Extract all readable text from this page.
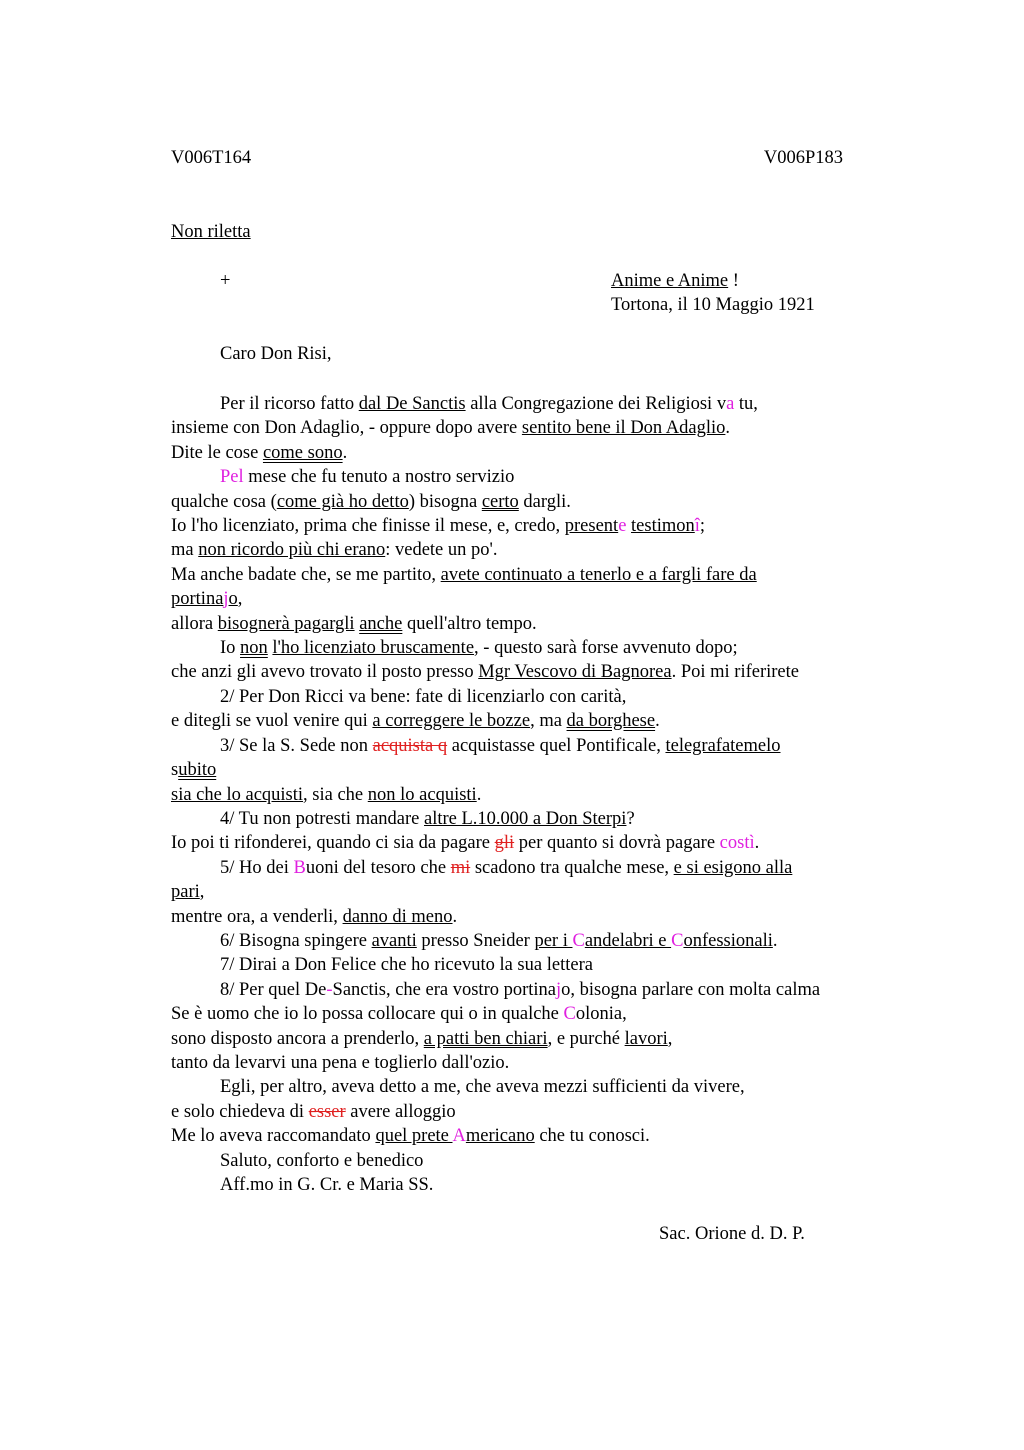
V006T164	V006P183
Non riletta
+	Anime e Anime !
Tortona, il 10 Maggio 1921
Caro Don Risi,
Per il ricorso fatto dal De Sanctis alla Congregazione dei Religiosi va tu,
insieme con Don Adaglio, - oppure dopo avere sentito bene il Don Adaglio.
Dite le cose come sono.
Pel mese che fu tenuto a nostro servizio
qualche cosa (come già ho detto) bisogna certo dargli.
Io l'ho licenziato, prima che finisse il mese, e, credo, presente testimonî;
ma non ricordo più chi erano: vedete un po'.
Ma anche badate che, se me partito, avete continuato a tenerlo e a fargli fare da
portinajo,
allora bisognerà pagargli anche quell'altro tempo.
Io non l'ho licenziato bruscamente, - questo sarà forse avvenuto dopo;
che anzi gli avevo trovato il posto presso Mgr Vescovo di Bagnorea. Poi mi riferirete
2/ Per Don Ricci va bene: fate di licenziarlo con carità,
e ditegli se vuol venire qui a correggere le bozze, ma da borghese.
3/ Se la S. Sede non acquista q acquistasse quel Pontificale, telegrafatemelo
subito
sia che lo acquisti, sia che non lo acquisti.
4/ Tu non potresti mandare altre L.10.000 a Don Sterpi?
Io poi ti rifonderei, quando ci sia da pagare gli per quanto si dovrà pagare costì.
5/ Ho dei Buoni del tesoro che mi scadono tra qualche mese, e si esigono alla
pari,
mentre ora, a venderli, danno di meno.
6/ Bisogna spingere avanti presso Sneider per i Candelabri e Confessionali.
7/ Dirai a Don Felice che ho ricevuto la sua lettera
8/ Per quel De-Sanctis, che era vostro portinajo, bisogna parlare con molta calma
Se è uomo che io lo possa collocare qui o in qualche Colonia,
sono disposto ancora a prenderlo, a patti ben chiari, e purché lavori,
tanto da levarvi una pena e toglierlo dall'ozio.
Egli, per altro, aveva detto a me, che aveva mezzi sufficienti da vivere,
e solo chiedeva di esser avere alloggio
Me lo aveva raccomandato quel prete Americano che tu conosci.
Saluto, conforto e benedico
Aff.mo in G. Cr. e Maria SS.
Sac. Orione d. D. P.
